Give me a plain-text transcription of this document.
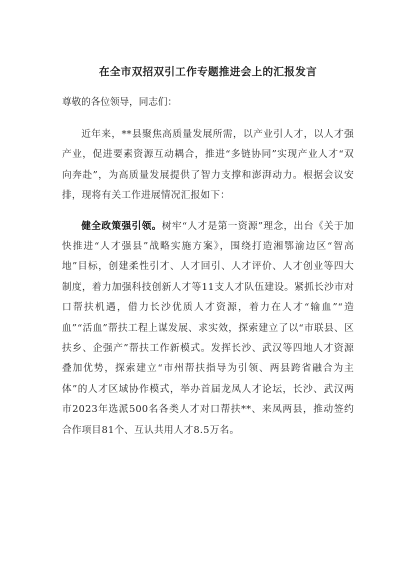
在全市双招双引工作专题推进会上的汇报发言

尊敬的各位领导，同志们：

近年来，**县聚焦高质量发展所需，以产业引人才，以人才强产业，促进要素资源互动耦合，推进“多链协同”实现产业人才“双向奔赴”，为高质量发展提供了智力支撑和澎湃动力。根据会议安排，现将有关工作进展情况汇报如下：

健全政策强引领。树牢“人才是第一资源”理念，出台《关于加快推进“人才强县”战略实施方案》，围绕打造湘鄂渝边区“智高地”目标，创建柔性引才、人才回引、人才评价、人才创业等四大制度，着力加强科技创新人才等11支人才队伍建设。紧抓长沙市对口帮扶机遇，借力长沙优质人才资源，着力在人才“输血”“造血”“活血”帮扶工程上谋发展、求实效，探索建立了以“市联县、区扶乡、企强产”帮扶工作新模式。发挥长沙、武汉等四地人才资源叠加优势，探索建立“市州帮扶指导为引领、两县跨省融合为主体”的人才区域协作模式，举办首届龙凤人才论坛，长沙、武汉两市2023年选派500名各类人才对口帮扶**、来凤两县，推动签约合作项目81个、互认共用人才8.5万名。
